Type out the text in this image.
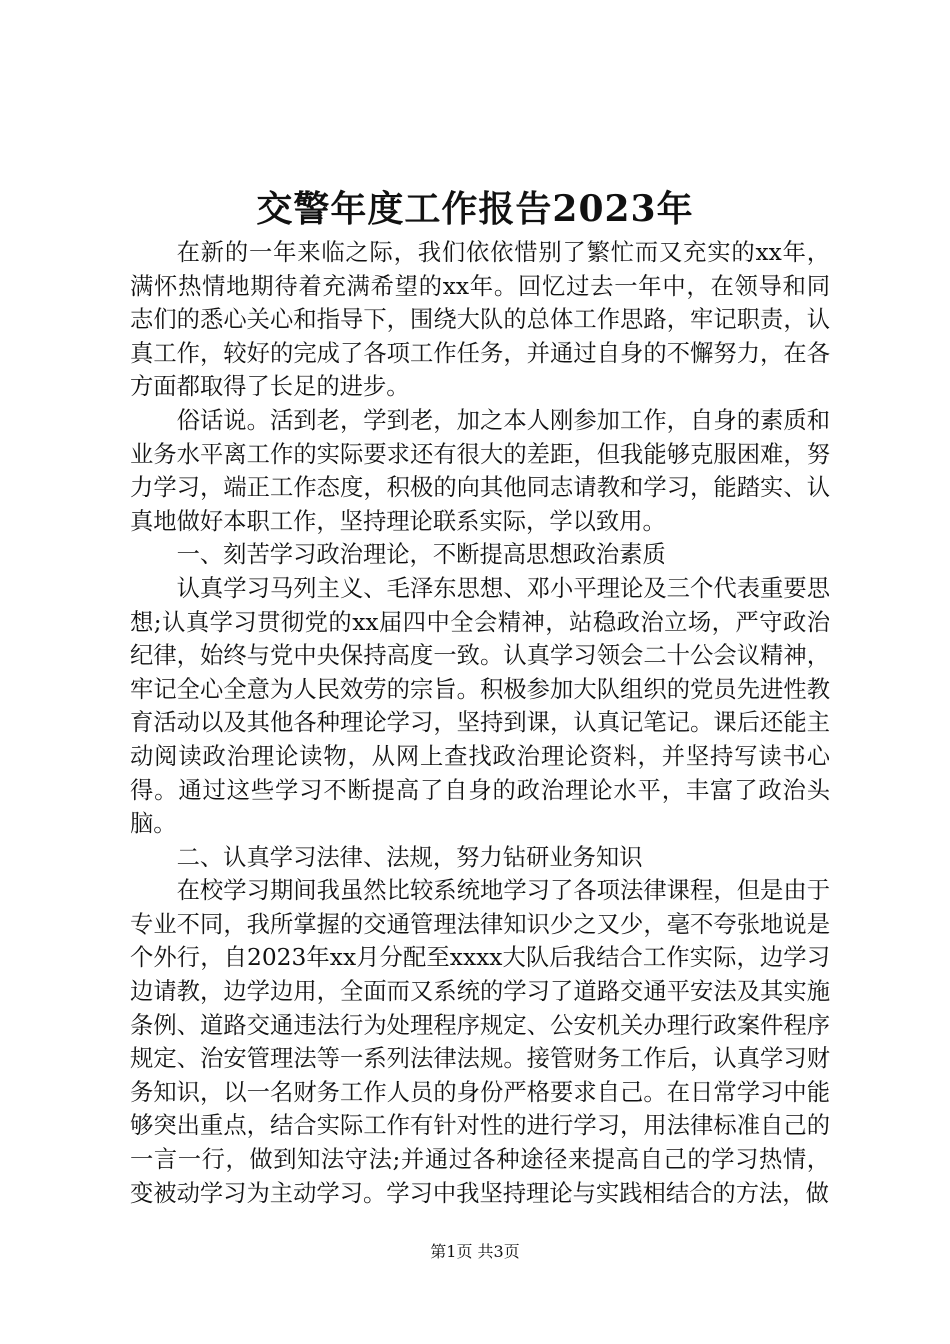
交警年度工作报告2023年

在新的一年来临之际，我们依依惜别了繁忙而又充实的xx年，满怀热情地期待着充满希望的xx年。回忆过去一年中，在领导和同志们的悉心关心和指导下，围绕大队的总体工作思路，牢记职责，认真工作，较好的完成了各项工作任务，并通过自身的不懈努力，在各方面都取得了长足的进步。

俗话说。活到老，学到老，加之本人刚参加工作，自身的素质和业务水平离工作的实际要求还有很大的差距，但我能够克服困难，努力学习，端正工作态度，积极的向其他同志请教和学习，能踏实、认真地做好本职工作，坚持理论联系实际，学以致用。

一、刻苦学习政治理论，不断提高思想政治素质

认真学习马列主义、毛泽东思想、邓小平理论及三个代表重要思想;认真学习贯彻党的xx届四中全会精神，站稳政治立场，严守政治纪律，始终与党中央保持高度一致。认真学习领会二十公会议精神，牢记全心全意为人民效劳的宗旨。积极参加大队组织的党员先进性教育活动以及其他各种理论学习，坚持到课，认真记笔记。课后还能主动阅读政治理论读物，从网上查找政治理论资料，并坚持写读书心得。通过这些学习不断提高了自身的政治理论水平，丰富了政治头脑。

二、认真学习法律、法规，努力钻研业务知识

在校学习期间我虽然比较系统地学习了各项法律课程，但是由于专业不同，我所掌握的交通管理法律知识少之又少，毫不夸张地说是个外行，自2023年xx月分配至xxxx大队后我结合工作实际，边学习边请教，边学边用，全面而又系统的学习了道路交通平安法及其实施条例、道路交通违法行为处理程序规定、公安机关办理行政案件程序规定、治安管理法等一系列法律法规。接管财务工作后，认真学习财务知识，以一名财务工作人员的身份严格要求自己。在日常学习中能够突出重点，结合实际工作有针对性的进行学习，用法律标准自己的一言一行，做到知法守法;并通过各种途径来提高自己的学习热情，变被动学习为主动学习。学习中我坚持理论与实践相结合的方法，做

第1页 共3页
